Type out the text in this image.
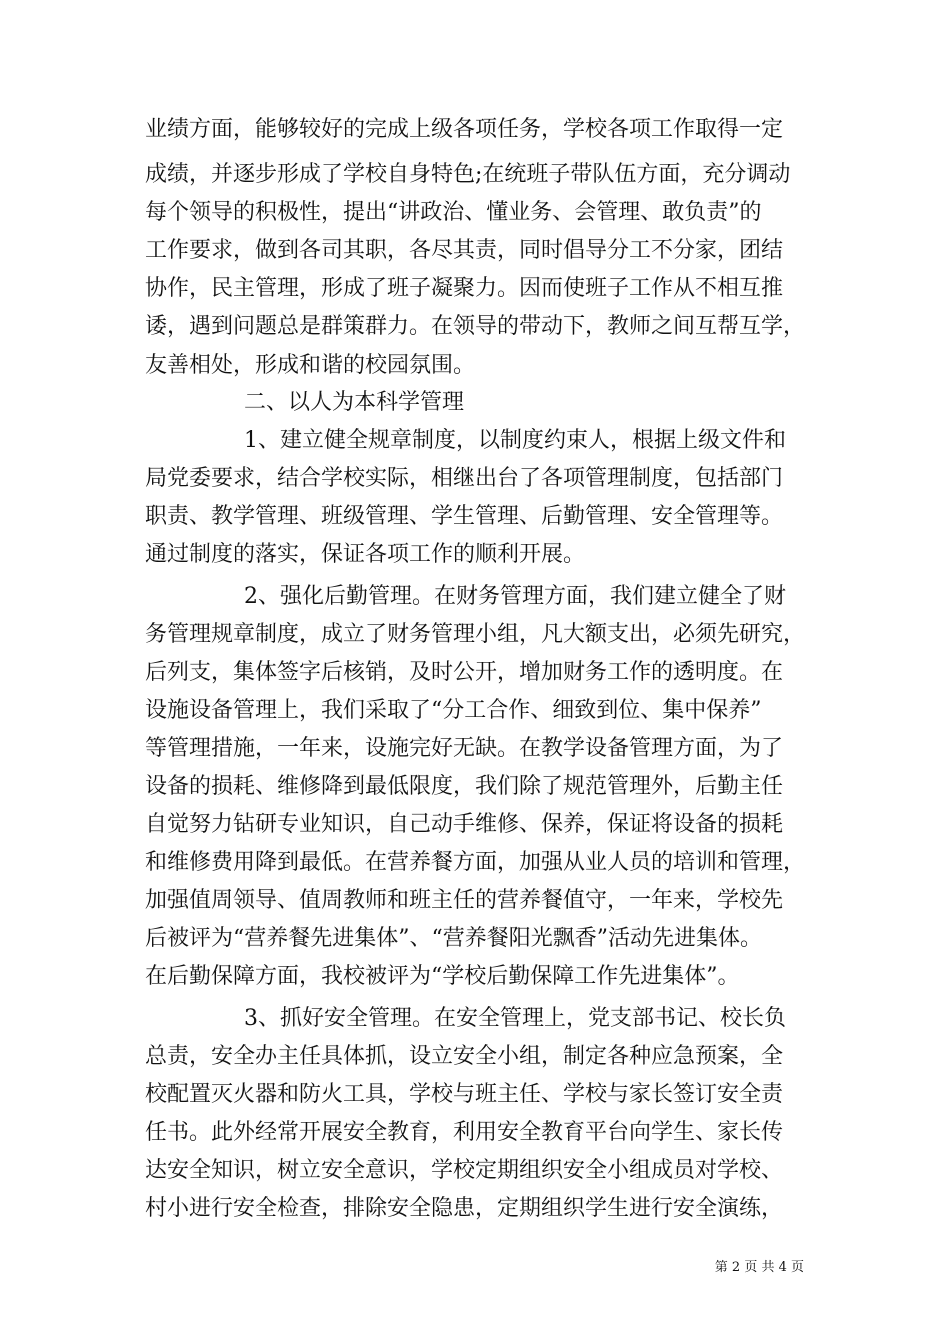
业绩方面，能够较好的完成上级各项任务，学校各项工作取得一定
成绩，并逐步形成了学校自身特色;在统班子带队伍方面，充分调动
每个领导的积极性，提出“讲政治、懂业务、会管理、敢负责”的
工作要求，做到各司其职，各尽其责，同时倡导分工不分家，团结
协作，民主管理，形成了班子凝聚力。因而使班子工作从不相互推
诿，遇到问题总是群策群力。在领导的带动下，教师之间互帮互学，
友善相处，形成和谐的校园氛围。
二、以人为本科学管理
1、建立健全规章制度，以制度约束人，根据上级文件和
局党委要求，结合学校实际，相继出台了各项管理制度，包括部门
职责、教学管理、班级管理、学生管理、后勤管理、安全管理等。
通过制度的落实，保证各项工作的顺利开展。
2、强化后勤管理。在财务管理方面，我们建立健全了财
务管理规章制度，成立了财务管理小组，凡大额支出，必须先研究，
后列支，集体签字后核销，及时公开，增加财务工作的透明度。在
设施设备管理上，我们采取了“分工合作、细致到位、集中保养”
等管理措施，一年来，设施完好无缺。在教学设备管理方面，为了
设备的损耗、维修降到最低限度，我们除了规范管理外，后勤主任
自觉努力钻研专业知识，自己动手维修、保养，保证将设备的损耗
和维修费用降到最低。在营养餐方面，加强从业人员的培训和管理，
加强值周领导、值周教师和班主任的营养餐值守，一年来，学校先
后被评为“营养餐先进集体”、“营养餐阳光飘香”活动先进集体。
在后勤保障方面，我校被评为“学校后勤保障工作先进集体”。
3、抓好安全管理。在安全管理上，党支部书记、校长负
总责，安全办主任具体抓，设立安全小组，制定各种应急预案，全
校配置灭火器和防火工具，学校与班主任、学校与家长签订安全责
任书。此外经常开展安全教育，利用安全教育平台向学生、家长传
达安全知识，树立安全意识，学校定期组织安全小组成员对学校、
村小进行安全检查，排除安全隐患，定期组织学生进行安全演练，
第 2 页 共 4 页
